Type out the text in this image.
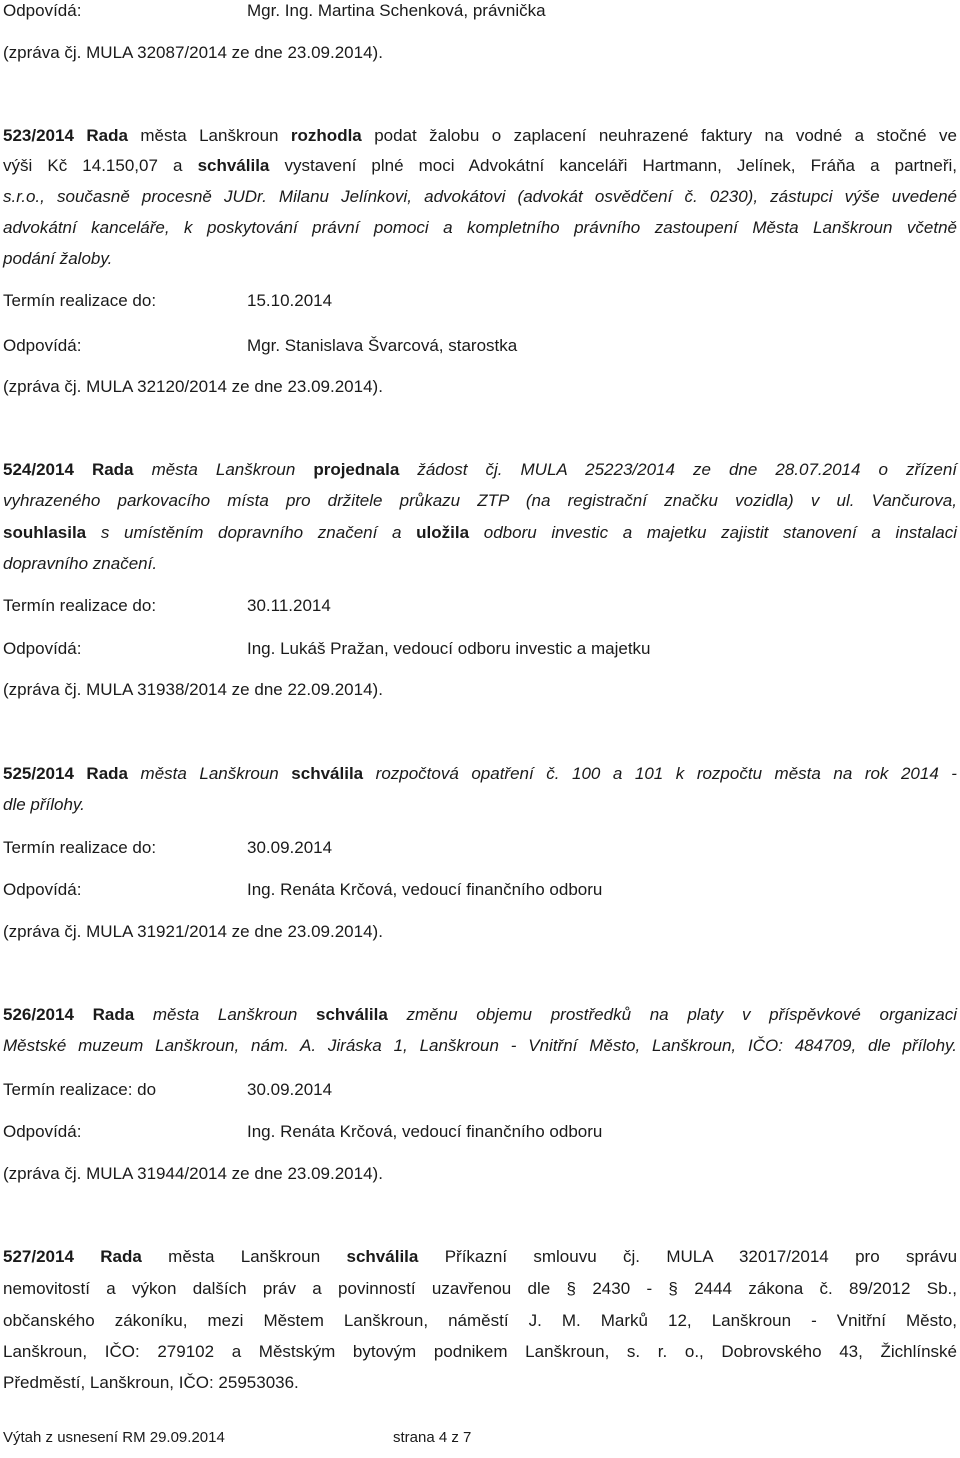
Odpovídá:	Mgr. Ing. Martina Schenková, právnička
(zpráva čj. MULA 32087/2014 ze dne 23.09.2014).
523/2014 Rada města Lanškroun rozhodla podat žalobu o zaplacení neuhrazené faktury na vodné a stočné ve
výši Kč 14.150,07 a schválila vystavení plné moci Advokátní kanceláři Hartmann, Jelínek, Fráňa a partneři,
s.r.o., současně procesně JUDr. Milanu Jelínkovi, advokátovi (advokát osvědčení č. 0230), zástupci výše uvedené
advokátní kanceláře, k poskytování právní pomoci a kompletního právního zastoupení Města Lanškroun včetně
podání žaloby.
Termín realizace do:	15.10.2014
Odpovídá:	Mgr. Stanislava Švarcová, starostka
(zpráva čj. MULA 32120/2014 ze dne 23.09.2014).
524/2014 Rada města Lanškroun projednala žádost čj. MULA 25223/2014 ze dne 28.07.2014 o zřízení
vyhrazeného parkovacího místa pro držitele průkazu ZTP (na registrační značku vozidla) v ul. Vančurova,
souhlasila s umístěním dopravního značení a uložila odboru investic a majetku zajistit stanovení a instalaci
dopravního značení.
Termín realizace do:	30.11.2014
Odpovídá:	Ing. Lukáš Pražan, vedoucí odboru investic a majetku
(zpráva čj. MULA 31938/2014 ze dne 22.09.2014).
525/2014 Rada města Lanškroun schválila rozpočtová opatření č. 100 a 101 k rozpočtu města na rok 2014 -
dle přílohy.
Termín realizace do:	30.09.2014
Odpovídá:	Ing. Renáta Krčová, vedoucí finančního odboru
(zpráva čj. MULA 31921/2014 ze dne 23.09.2014).
526/2014 Rada města Lanškroun schválila změnu objemu prostředků na platy v příspěvkové organizaci
Městské muzeum Lanškroun, nám. A. Jiráska 1, Lanškroun - Vnitřní Město, Lanškroun, IČO: 484709, dle přílohy.
Termín realizace: do	30.09.2014
Odpovídá:	Ing. Renáta Krčová, vedoucí finančního odboru
(zpráva čj. MULA 31944/2014 ze dne 23.09.2014).
527/2014 Rada města Lanškroun schválila Příkazní smlouvu čj. MULA 32017/2014 pro správu
nemovitostí a výkon dalších práv a povinností uzavřenou dle § 2430 - § 2444 zákona č. 89/2012 Sb.,
občanského zákoníku, mezi Městem Lanškroun, náměstí J. M. Marků 12, Lanškroun - Vnitřní Město,
Lanškroun, IČO: 279102 a Městským bytovým podnikem Lanškroun, s. r. o., Dobrovského 43, Žichlínské
Předměstí, Lanškroun, IČO: 25953036.
Výtah z usnesení RM 29.09.2014	strana 4 z 7
